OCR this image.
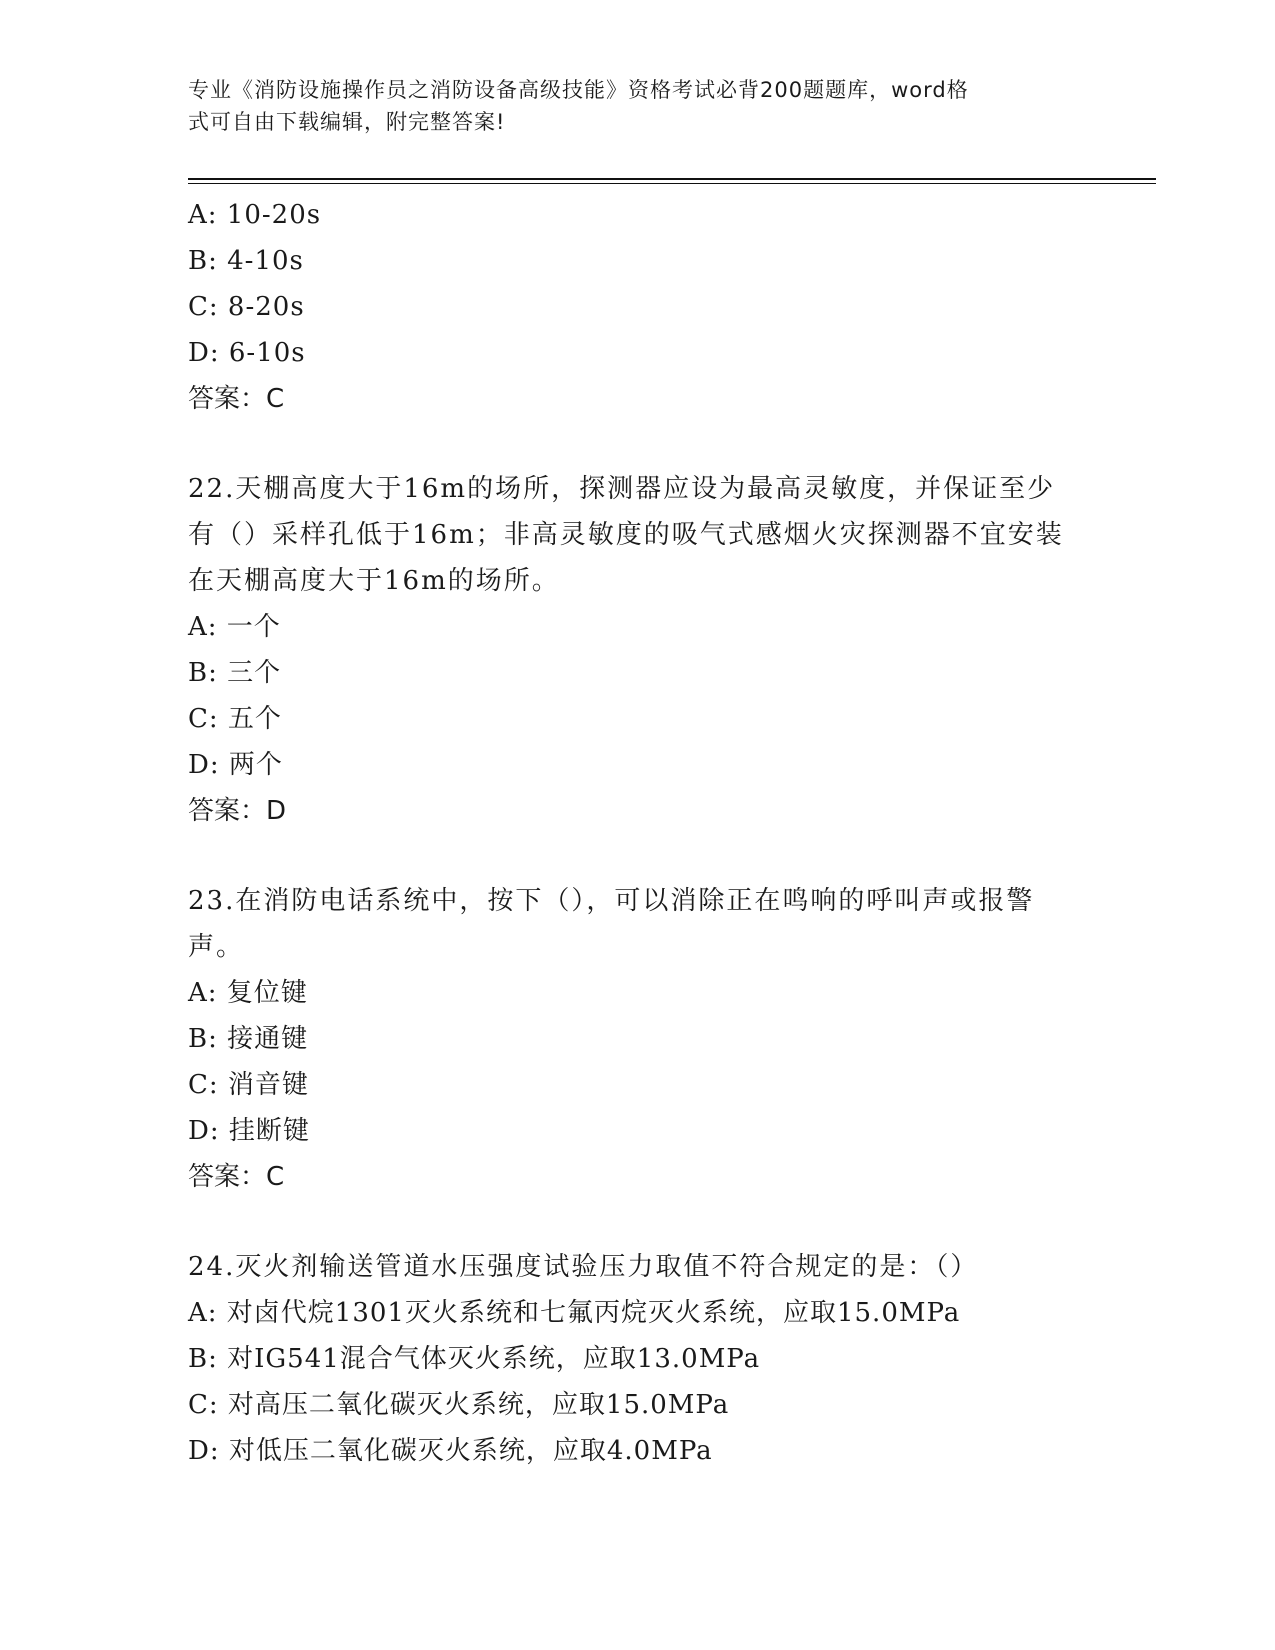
专业《消防设施操作员之消防设备高级技能》资格考试必背200题题库，word格
式可自由下载编辑，附完整答案!
A: 10-20s
B: 4-10s
C: 8-20s
D: 6-10s
答案：C
22.天棚高度大于16m的场所，探测器应设为最高灵敏度，并保证至少
有（）采样孔低于16m；非高灵敏度的吸气式感烟火灾探测器不宜安装
在天棚高度大于16m的场所。
A: 一个
B: 三个
C: 五个
D: 两个
答案：D
23.在消防电话系统中，按下（），可以消除正在鸣响的呼叫声或报警
声。
A: 复位键
B: 接通键
C: 消音键
D: 挂断键
答案：C
24.灭火剂输送管道水压强度试验压力取值不符合规定的是：（）
A: 对卤代烷1301灭火系统和七氟丙烷灭火系统，应取15.0MPa
B: 对IG541混合气体灭火系统，应取13.0MPa
C: 对高压二氧化碳灭火系统，应取15.0MPa
D: 对低压二氧化碳灭火系统，应取4.0MPa
